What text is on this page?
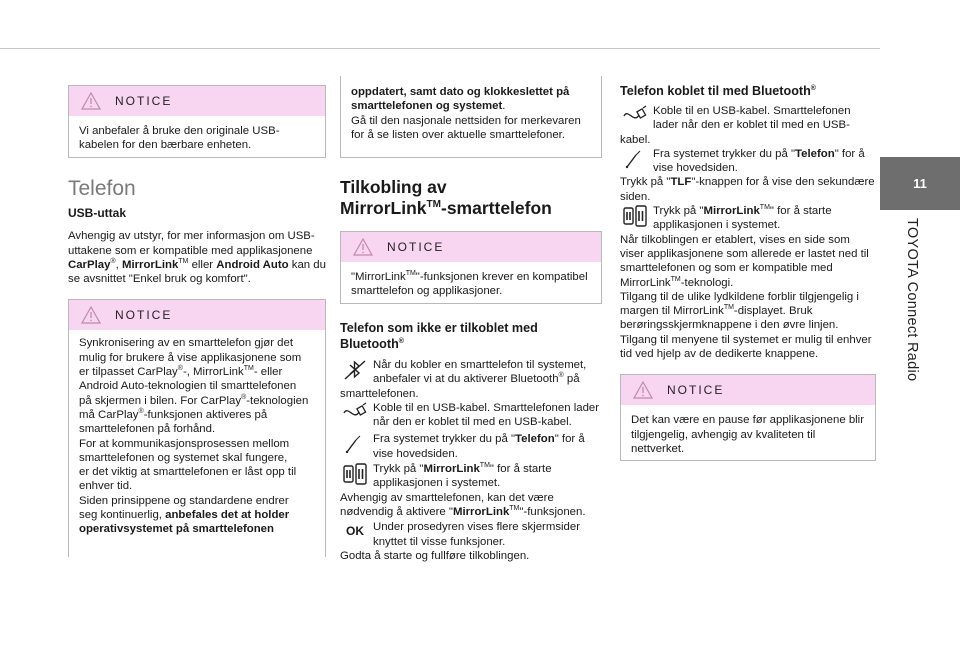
11
TOYOTA Connect Radio
NOTICE
Vi anbefaler å bruke den originale USB-kabelen for den bærbare enheten.
Telefon

USB-uttak

Avhengig av utstyr, for mer informasjon om USB-uttakene som er kompatible med applikasjonene CarPlay®, MirrorLink™ eller Android Auto kan du se avsnittet "Enkel bruk og komfort".

NOTICE
Synkronisering av en smarttelefon gjør det
mulig for brukere å vise applikasjonene som
er tilpasset CarPlay®-, MirrorLink™- eller
Android Auto-teknologien til smarttelefonen
på skjermen i bilen. For CarPlay®-teknologien
må CarPlay®-funksjonen aktiveres på
smarttelefonen på forhånd.
For at kommunikasjonsprosessen mellom
smarttelefonen og systemet skal fungere,
er det viktig at smarttelefonen er låst opp til
enhver tid.
Siden prinsippene og standardene endrer
seg kontinuerlig, anbefales det at holder
operativsystemet på smarttelefonen
oppdatert, samt dato og klokkeslettet på smarttelefonen og systemet.
Gå til den nasjonale nettsiden for merkevaren for å se listen over aktuelle smarttelefoner.

Tilkobling av

MirrorLink™-smarttelefon

NOTICE
"MirrorLink™"-funksjonen krever en kompatibel smarttelefon og applikasjoner.

Telefon som ikke er tilkoblet med Bluetooth®

Når du kobler en smarttelefon til systemet, anbefaler vi at du aktiverer Bluetooth® på smarttelefonen.
Koble til en USB-kabel. Smarttelefonen lader når den er koblet til med en USB-kabel.
Fra systemet trykker du på "Telefon" for å vise hovedsiden.
Trykk på "MirrorLink™" for å starte applikasjonen i systemet.

Avhengig av smarttelefonen, kan det være nødvendig å aktivere "MirrorLink™"-funksjonen.

OK Under prosedyren vises flere skjermsider knyttet til visse funksjoner.

Godta å starte og fullføre tilkoblingen.

Telefon koblet til med Bluetooth®

Koble til en USB-kabel. Smarttelefonen lader når den er koblet til med en USB-kabel.
Fra systemet trykker du på "Telefon" for å vise hovedsiden.

Trykk på "TLF"-knappen for å vise den sekundære siden.

Trykk på "MirrorLink™" for å starte applikasjonen i systemet.

Når tilkoblingen er etablert, vises en side som viser applikasjonene som allerede er lastet ned til smarttelefonen og som er kompatible med MirrorLink™-teknologi.

Tilgang til de ulike lydkildene forblir tilgjengelig i margen til MirrorLink™-displayet. Bruk berøringsskjermknappene i den øvre linjen.

Tilgang til menyene til systemet er mulig til enhver tid ved hjelp av de dedikerte knappene.

NOTICE
Det kan være en pause før applikasjonene blir tilgjengelig, avhengig av kvaliteten til nettverket.
